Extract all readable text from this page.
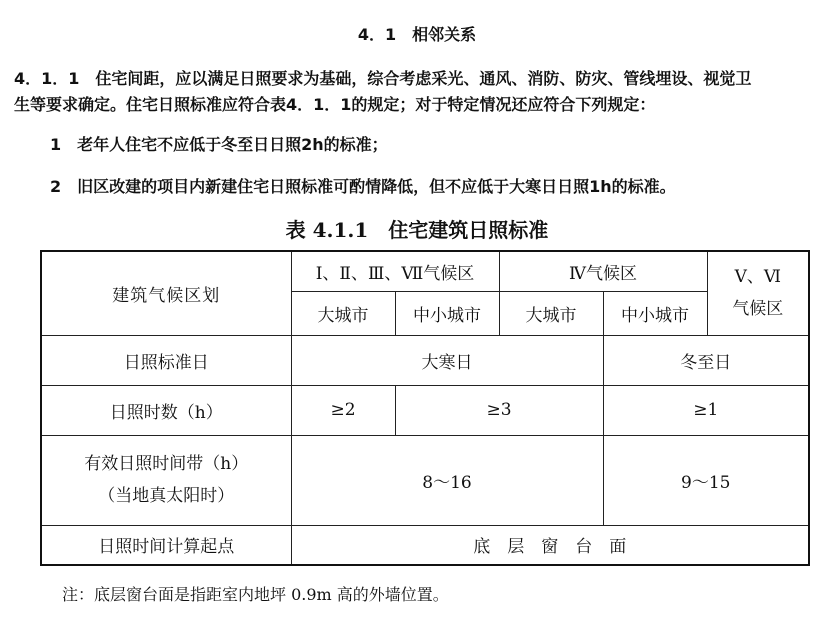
4．1　相邻关系
4．1．1　住宅间距，应以满足日照要求为基础，综合考虑采光、通风、消防、防灾、管线埋设、视觉卫
生等要求确定。住宅日照标准应符合表4．1．1的规定；对于特定情况还应符合下列规定：
1　 老年人住宅不应低于冬至日日照2h的标准；
2　 旧区改建的项目内新建住宅日照标准可酌情降低，但不应低于大寒日日照1h的标准。
表 4.1.1　住宅建筑日照标准
建筑气候区划	Ⅰ、Ⅱ、Ⅲ、Ⅶ气候区		Ⅳ气候区		Ⅴ、Ⅵ
气候区

	大城市	中小城市	大城市	中小城市	
日照标准日	大寒日			冬至日	
日照时数（h）	≥2	≥3		≥1	

有效日照时间带（h）
（当地真太阳时）	8～16			9～15	
日照时间计算起点	底　层　窗　台　面				
注：底层窗台面是指距室内地坪 0.9m 高的外墙位置。
